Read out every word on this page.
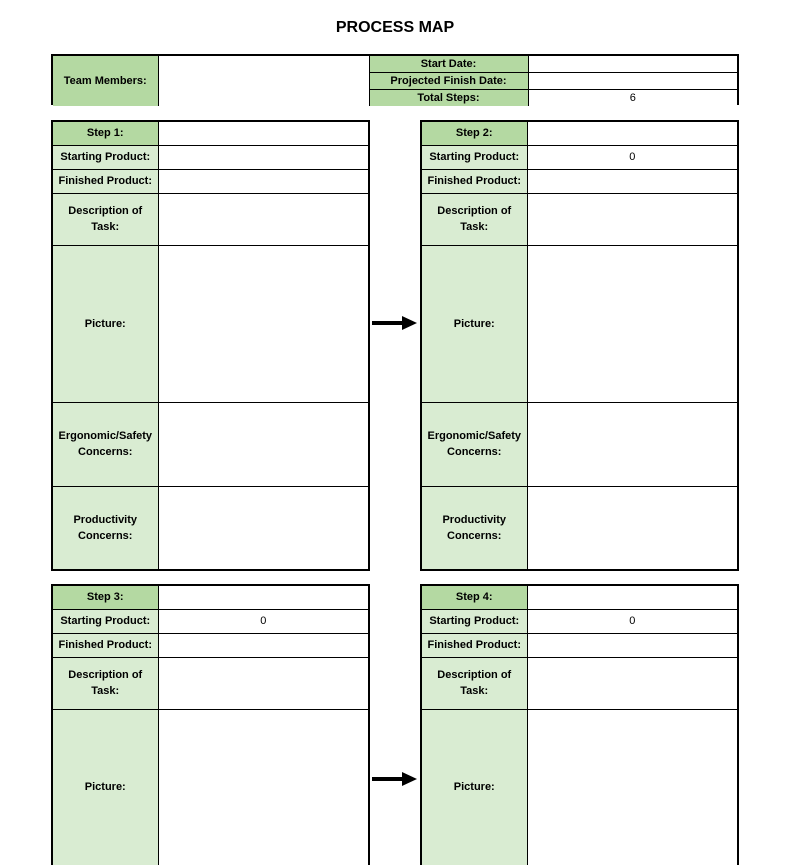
PROCESS MAP
Team Members:		Start Date:	
		Projected Finish Date:	
		Total Steps:	6
Step 1:	
Starting Product:	
Finished Product:	
Description of Task:	
Picture:	

Ergonomic/Safety
Concerns:	

Productivity
Concerns:	

Step 2:	
Starting Product:	0
Finished Product:	
Description of Task:	
Picture:	

Ergonomic/Safety
Concerns:	

Productivity
Concerns:	

Step 3:	
Starting Product:	0
Finished Product:	
Description of Task:	
Picture:	
Step 4:	
Starting Product:	0
Finished Product:	
Description of Task:	
Picture:	
